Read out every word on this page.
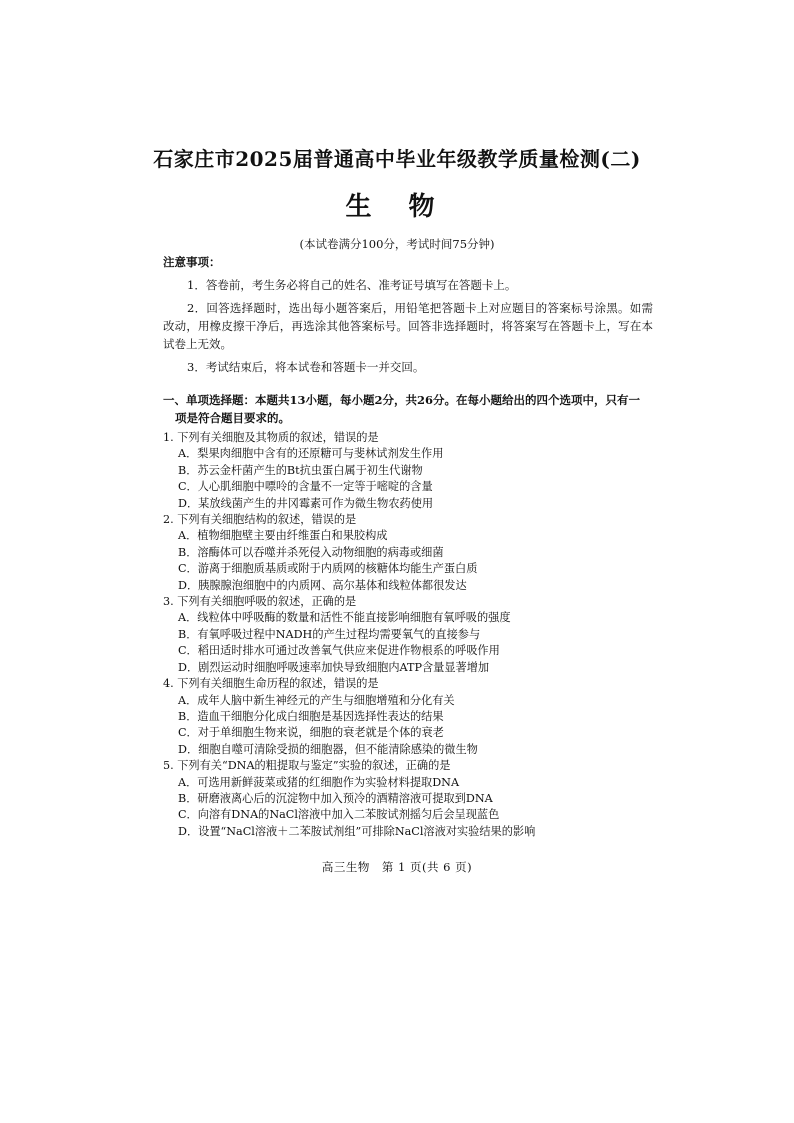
石家庄市2025届普通高中毕业年级教学质量检测(二)
生 物
(本试卷满分100分，考试时间75分钟)
注意事项：
1．答卷前，考生务必将自己的姓名、准考证号填写在答题卡上。
2．回答选择题时，选出每小题答案后，用铅笔把答题卡上对应题目的答案标号涂黑。如需改动，用橡皮擦干净后，再选涂其他答案标号。回答非选择题时，将答案写在答题卡上，写在本试卷上无效。
3．考试结束后，将本试卷和答题卡一并交回。
一、单项选择题：本题共13小题，每小题2分，共26分。在每小题给出的四个选项中，只有一
项是符合题目要求的。
1. 下列有关细胞及其物质的叙述，错误的是
A．梨果肉细胞中含有的还原糖可与斐林试剂发生作用
B．苏云金杆菌产生的Bt抗虫蛋白属于初生代谢物
C．人心肌细胞中嘌呤的含量不一定等于嘧啶的含量
D．某放线菌产生的井冈霉素可作为微生物农药使用
2. 下列有关细胞结构的叙述，错误的是
A．植物细胞壁主要由纤维蛋白和果胶构成
B．溶酶体可以吞噬并杀死侵入动物细胞的病毒或细菌
C．游离于细胞质基质或附于内质网的核糖体均能生产蛋白质
D．胰腺腺泡细胞中的内质网、高尔基体和线粒体都很发达
3. 下列有关细胞呼吸的叙述，正确的是
A．线粒体中呼吸酶的数量和活性不能直接影响细胞有氧呼吸的强度
B．有氧呼吸过程中NADH的产生过程均需要氧气的直接参与
C．稻田适时排水可通过改善氧气供应来促进作物根系的呼吸作用
D．剧烈运动时细胞呼吸速率加快导致细胞内ATP含量显著增加
4. 下列有关细胞生命历程的叙述，错误的是
A．成年人脑中新生神经元的产生与细胞增殖和分化有关
B．造血干细胞分化成白细胞是基因选择性表达的结果
C．对于单细胞生物来说，细胞的衰老就是个体的衰老
D．细胞自噬可清除受损的细胞器，但不能清除感染的微生物
5. 下列有关“DNA的粗提取与鉴定”实验的叙述，正确的是
A．可选用新鲜菠菜或猪的红细胞作为实验材料提取DNA
B．研磨液离心后的沉淀物中加入预冷的酒精溶液可提取到DNA
C．向溶有DNA的NaCl溶液中加入二苯胺试剂摇匀后会呈现蓝色
D．设置“NaCl溶液＋二苯胺试剂组”可排除NaCl溶液对实验结果的影响
高三生物　第 1 页(共 6 页)
